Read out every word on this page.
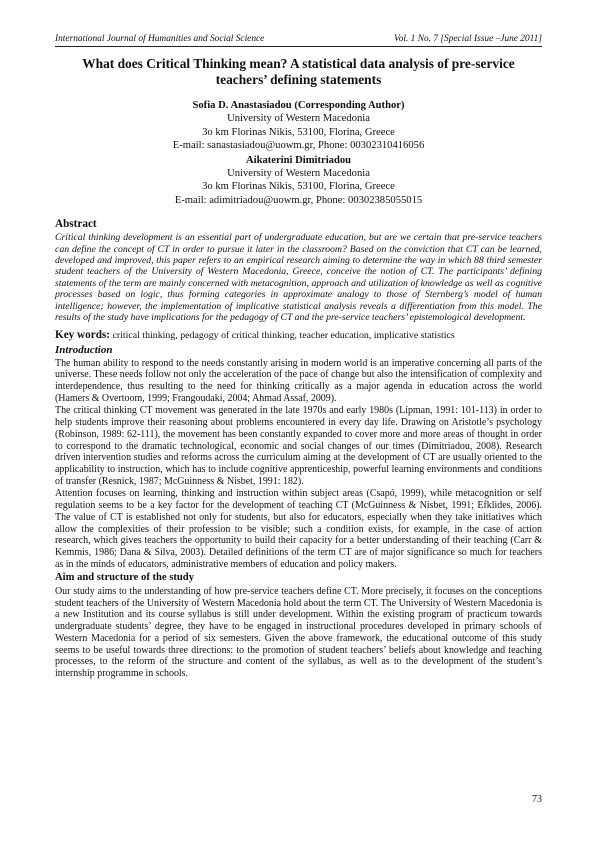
International Journal of Humanities and Social Science	Vol. 1 No. 7 [Special Issue –June 2011]
What does Critical Thinking mean? A statistical data analysis of pre-service teachers’ defining statements
Sofia D. Anastasiadou (Corresponding Author)
University of Western Macedonia
3o km Florinas Nikis, 53100, Florina, Greece
E-mail: sanastasiadou@uowm.gr, Phone: 00302310416056
Aikaterini Dimitriadou
University of Western Macedonia
3o km Florinas Nikis, 53100, Florina, Greece
E-mail: adimitriadou@uowm.gr, Phone: 00302385055015
Abstract

Critical thinking development is an essential part of undergraduate education, but are we certain that pre-service teachers can define the concept of CT in order to pursue it later in the classroom? Based on the conviction that CT can be learned, developed and improved, this paper refers to an empirical research aiming to determine the way in which 88 third semester student teachers of the University of Western Macedonia, Greece, conceive the notion of CT. The participants’ defining statements of the term are mainly concerned with metacognition, approach and utilization of knowledge as well as cognitive processes based on logic, thus forming categories in approximate analogy to those of Sternberg’s model of human intelligence; however, the implementation of implicative statistical analysis reveals a differentiation from this model. The results of the study have implications for the pedagogy of CT and the pre-service teachers’ epistemological development.

Key words: critical thinking, pedagogy of critical thinking, teacher education, implicative statistics

Introduction

The human ability to respond to the needs constantly arising in modern world is an imperative concerning all parts of the universe. These needs follow not only the acceleration of the pace of change but also the intensification of complexity and interdependence, thus resulting to the need for thinking critically as a major agenda in education across the world (Hamers & Overtoom, 1999; Frangoudaki, 2004; Ahmad Assaf, 2009).

The critical thinking CT movement was generated in the late 1970s and early 1980s (Lipman, 1991: 101-113) in order to help students improve their reasoning about problems encountered in every day life. Drawing on Aristotle’s psychology (Robinson, 1989: 62-111), the movement has been constantly expanded to cover more and more areas of thought in order to correspond to the dramatic technological, economic and social changes of our times (Dimitriadou, 2008). Research driven intervention studies and reforms across the curriculum aiming at the development of CT are usually oriented to the applicability to instruction, which has to include cognitive apprenticeship, powerful learning environments and conditions of transfer (Resnick, 1987; McGuinness & Nisbet, 1991: 182).

Attention focuses on learning, thinking and instruction within subject areas (Csapó, 1999), while metacognition or self regulation seems to be a key factor for the development of teaching CT (McGuinness & Nisbet, 1991; Efklides, 2006). The value of CT is established not only for students, but also for educators, especially when they take initiatives which allow the complexities of their profession to be visible; such a condition exists, for example, in the case of action research, which gives teachers the opportunity to build their capacity for a better understanding of their teaching (Carr & Kemmis, 1986; Dana & Silva, 2003). Detailed definitions of the term CT are of major significance so much for teachers as in the minds of educators, administrative members of education and policy makers.

Aim and structure of the study

Our study aims to the understanding of how pre-service teachers define CT. More precisely, it focuses on the conceptions student teachers of the University of Western Macedonia hold about the term CT. The University of Western Macedonia is a new Institution and its course syllabus is still under development. Within the existing program of practicum towards undergraduate students’ degree, they have to be engaged in instructional procedures developed in primary schools of Western Macedonia for a period of six semesters. Given the above framework, the educational outcome of this study seems to be useful towards three directions: to the promotion of student teachers’ beliefs about knowledge and teaching processes, to the reform of the structure and content of the syllabus, as well as to the development of the student’s internship programme in schools.

73
